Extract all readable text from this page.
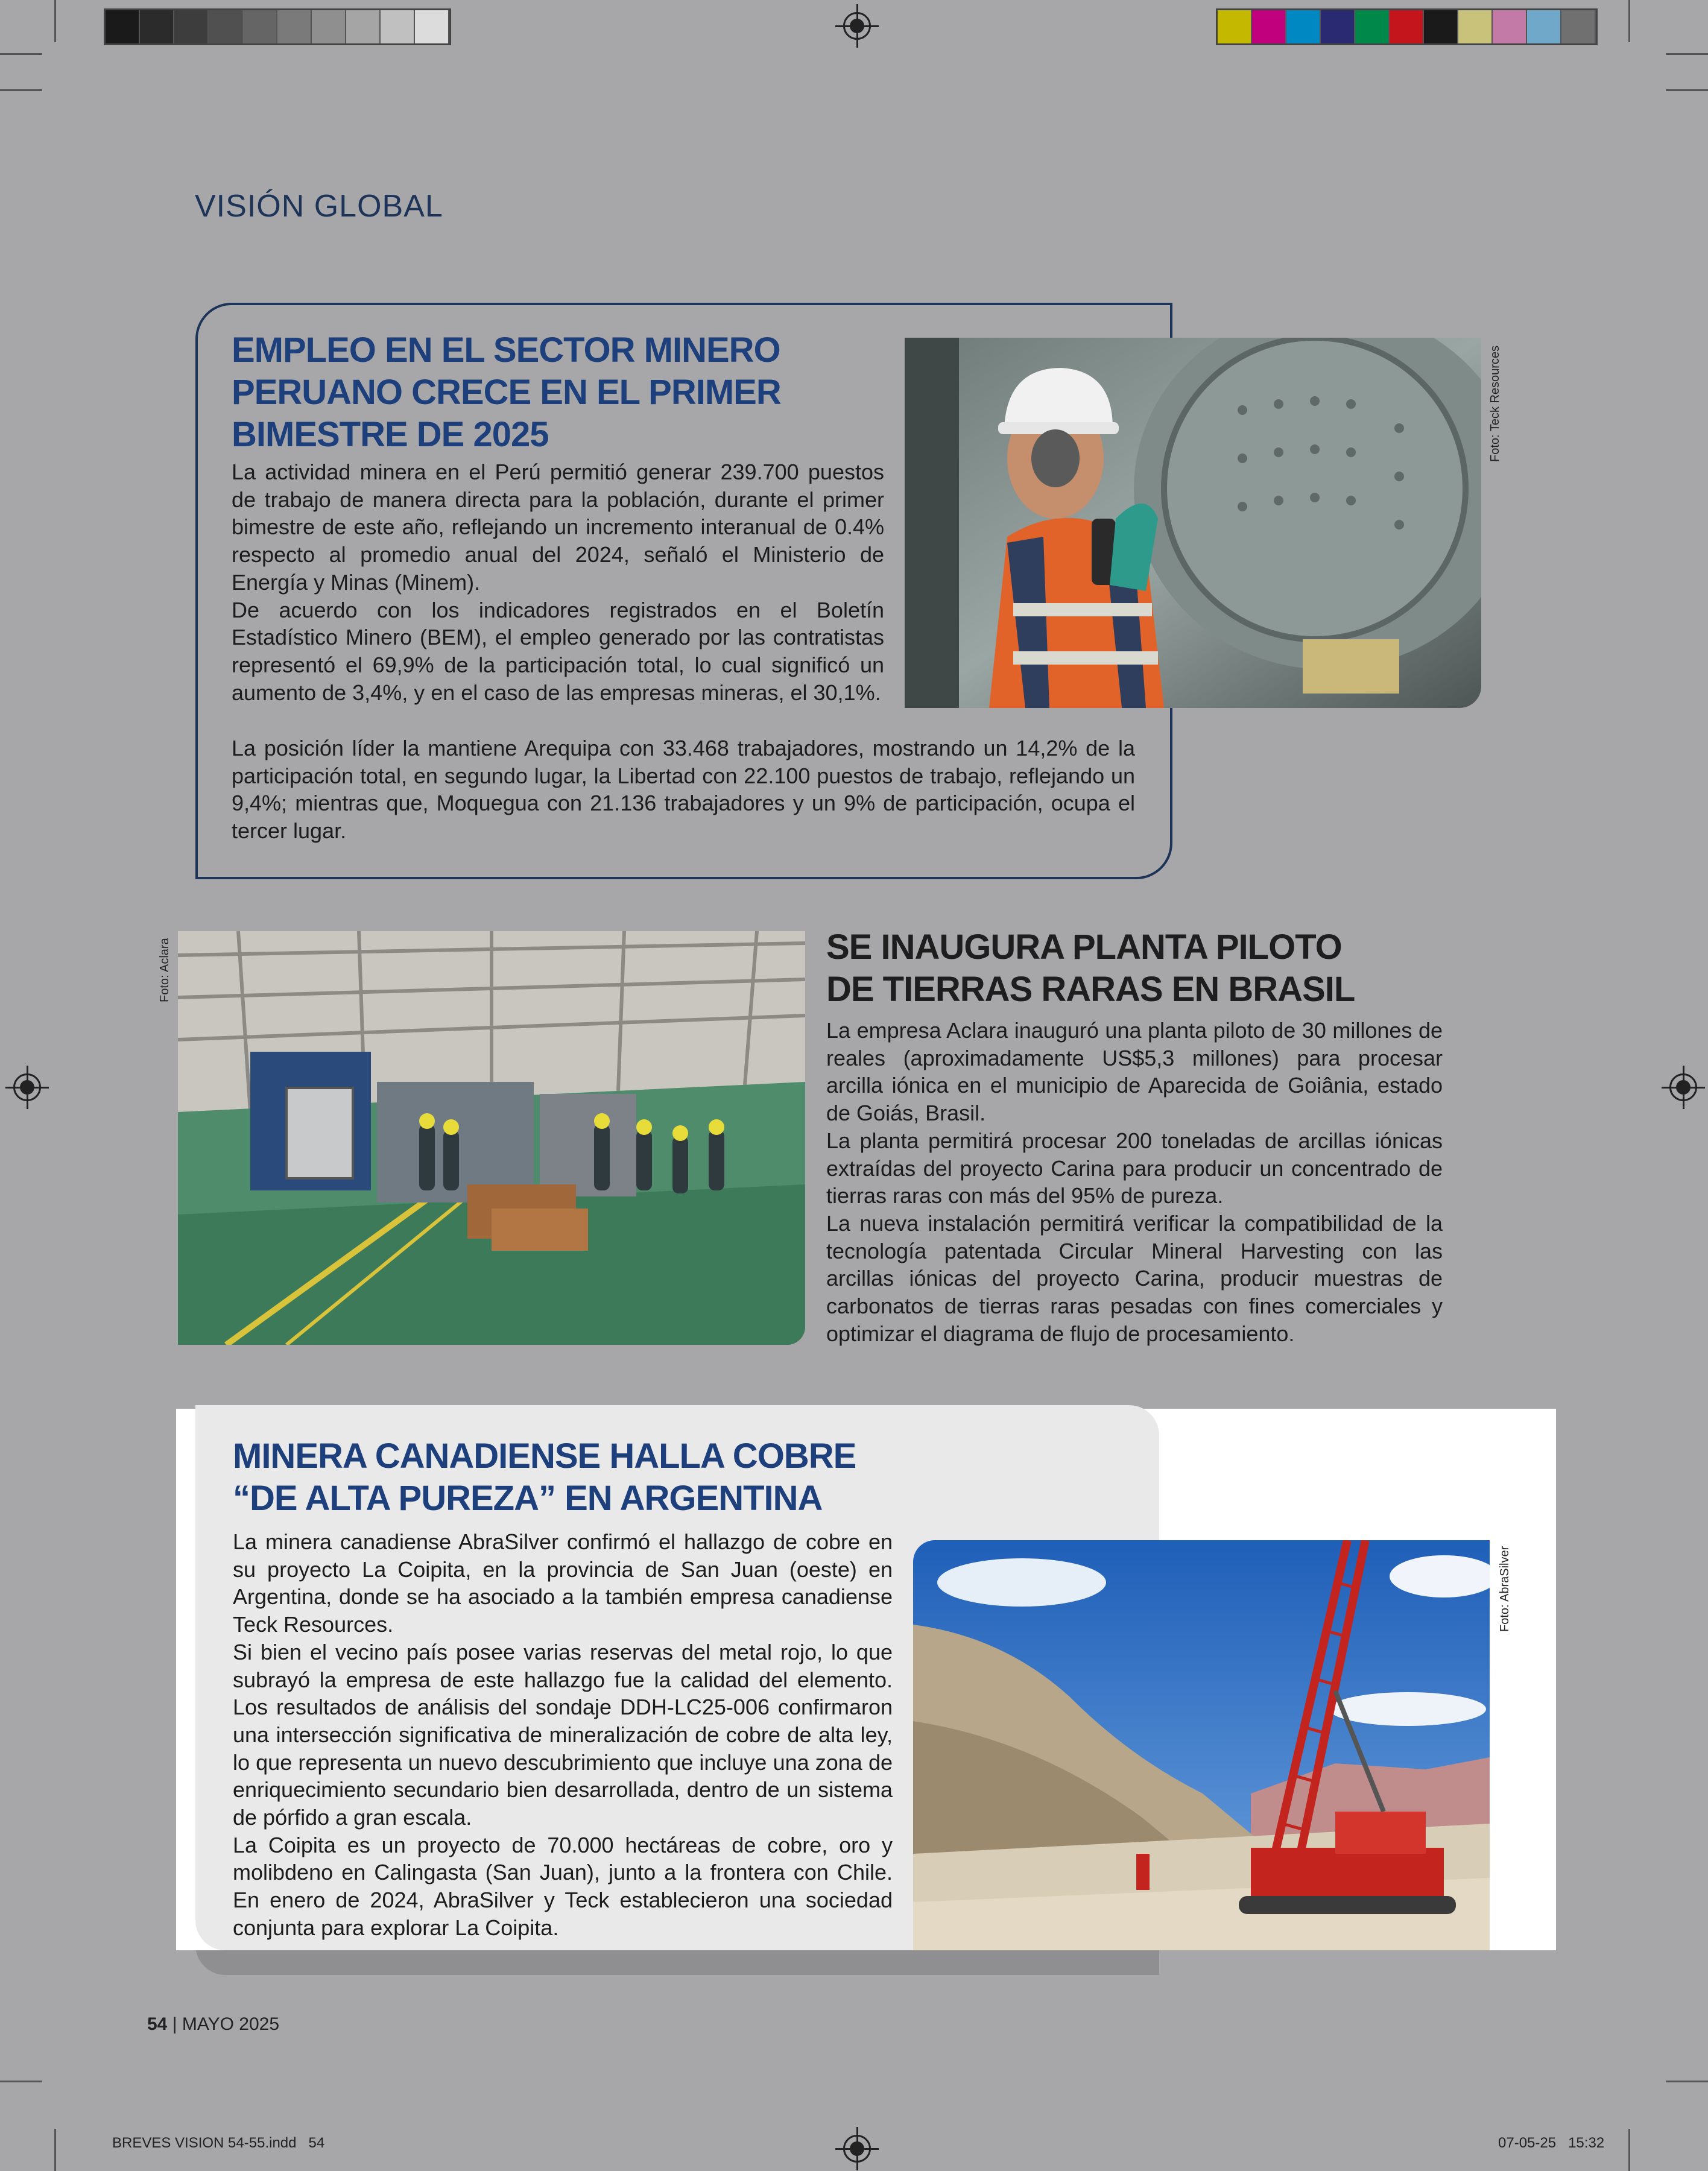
VISIÓN GLOBAL
EMPLEO EN EL SECTOR MINERO
PERUANO CRECE EN EL PRIMER
BIMESTRE DE 2025

La actividad minera en el Perú permitió generar 239.700 puestos de trabajo de manera directa para la población, durante el primer bimestre de este año, reflejando un incremento interanual de 0.4% respecto al promedio anual del 2024, señaló el Ministerio de Energía y Minas (Minem).

De acuerdo con los indicadores registrados en el Boletín Estadístico Minero (BEM), el empleo generado por las contratistas representó el 69,9% de la participación total, lo cual significó un aumento de 3,4%, y en el caso de las empresas mineras, el 30,1%.

La posición líder la mantiene Arequipa con 33.468 trabajadores, mostrando un 14,2% de la participación total, en segundo lugar, la Libertad con 22.100 puestos de trabajo, reflejando un 9,4%; mientras que, Moquegua con 21.136 trabajadores y un 9% de participación, ocupa el tercer lugar.

Foto: Teck Resources
Foto: Aclara	SE INAUGURA PLANTA PILOTO
DE TIERRAS RARAS EN BRASIL

La empresa Aclara inauguró una planta piloto de 30 millones de reales (aproximadamente US$5,3 millones) para procesar arcilla iónica en el municipio de Aparecida de Goiânia, estado de Goiás, Brasil.

La planta permitirá procesar 200 toneladas de arcillas iónicas extraídas del proyecto Carina para producir un concentrado de tierras raras con más del 95% de pureza.

La nueva instalación permitirá verificar la compatibilidad de la tecnología patentada Circular Mineral Harvesting con las arcillas iónicas del proyecto Carina, producir muestras de carbonatos de tierras raras pesadas con fines comerciales y optimizar el diagrama de flujo de procesamiento.

MINERA CANADIENSE HALLA COBRE
“DE ALTA PUREZA” EN ARGENTINA

La minera canadiense AbraSilver confirmó el hallazgo de cobre en su proyecto La Coipita, en la provincia de San Juan (oeste) en Argentina, donde se ha asociado a la también empresa canadiense Teck Resources.

Si bien el vecino país posee varias reservas del metal rojo, lo que subrayó la empresa de este hallazgo fue la calidad del elemento. Los resultados de análisis del sondaje DDH-LC25-006 confirmaron una intersección significativa de mineralización de cobre de alta ley, lo que representa un nuevo descubrimiento que incluye una zona de enriquecimiento secundario bien desarrollada, dentro de un sistema de pórfido a gran escala.

La Coipita es un proyecto de 70.000 hectáreas de cobre, oro y molibdeno en Calingasta (San Juan), junto a la frontera con Chile. En enero de 2024, AbraSilver y Teck establecieron una sociedad conjunta para explorar La Coipita.

Foto: AbraSilver
54 | MAYO 2025
BREVES VISION 54-55.indd   54	07-05-25   15:32
